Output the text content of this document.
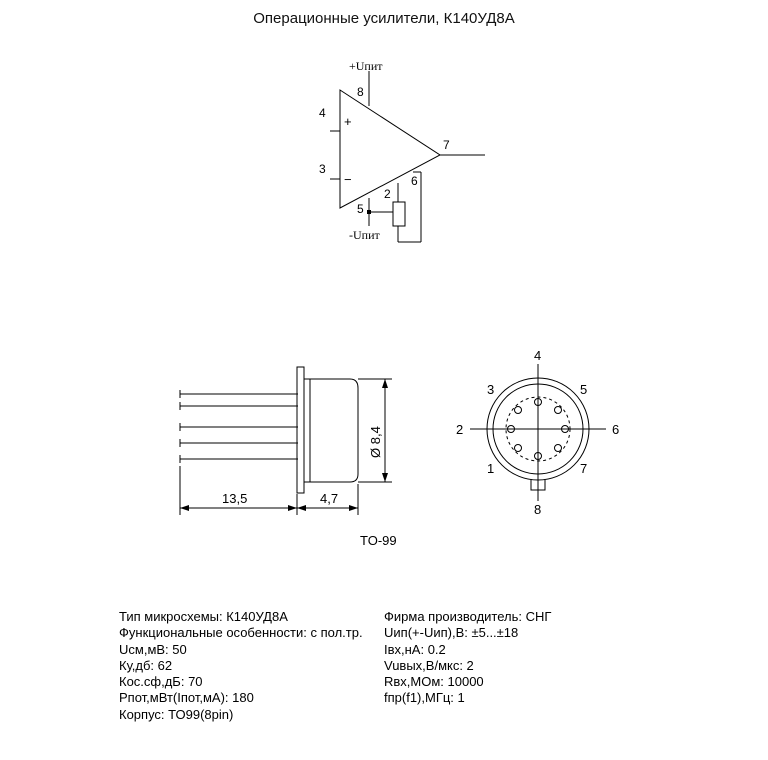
Операционные усилители, К140УД8А
+Uпит
-Uпит
+
−
8
4
3
7
5
2
6
13,5	4,7
Ø 8,4
TO-99
4
3	5
2	6
1	7
8
Тип микросхемы: К140УД8А
Функциональные особенности: с пол.тр.
Uсм,мВ: 50
Ку,дб: 62
Кос.сф,дБ: 70
Рпот,мВт(Іпот,мА): 180
Корпус: ТО99(8pin)
Фирма производитель: СНГ
Uип(+-Uип),В: ±5...±18
Iвх,нА: 0.2
Vuвых,В/мкс: 2
Rвх,МОм: 10000
fпр(f1),МГц: 1
